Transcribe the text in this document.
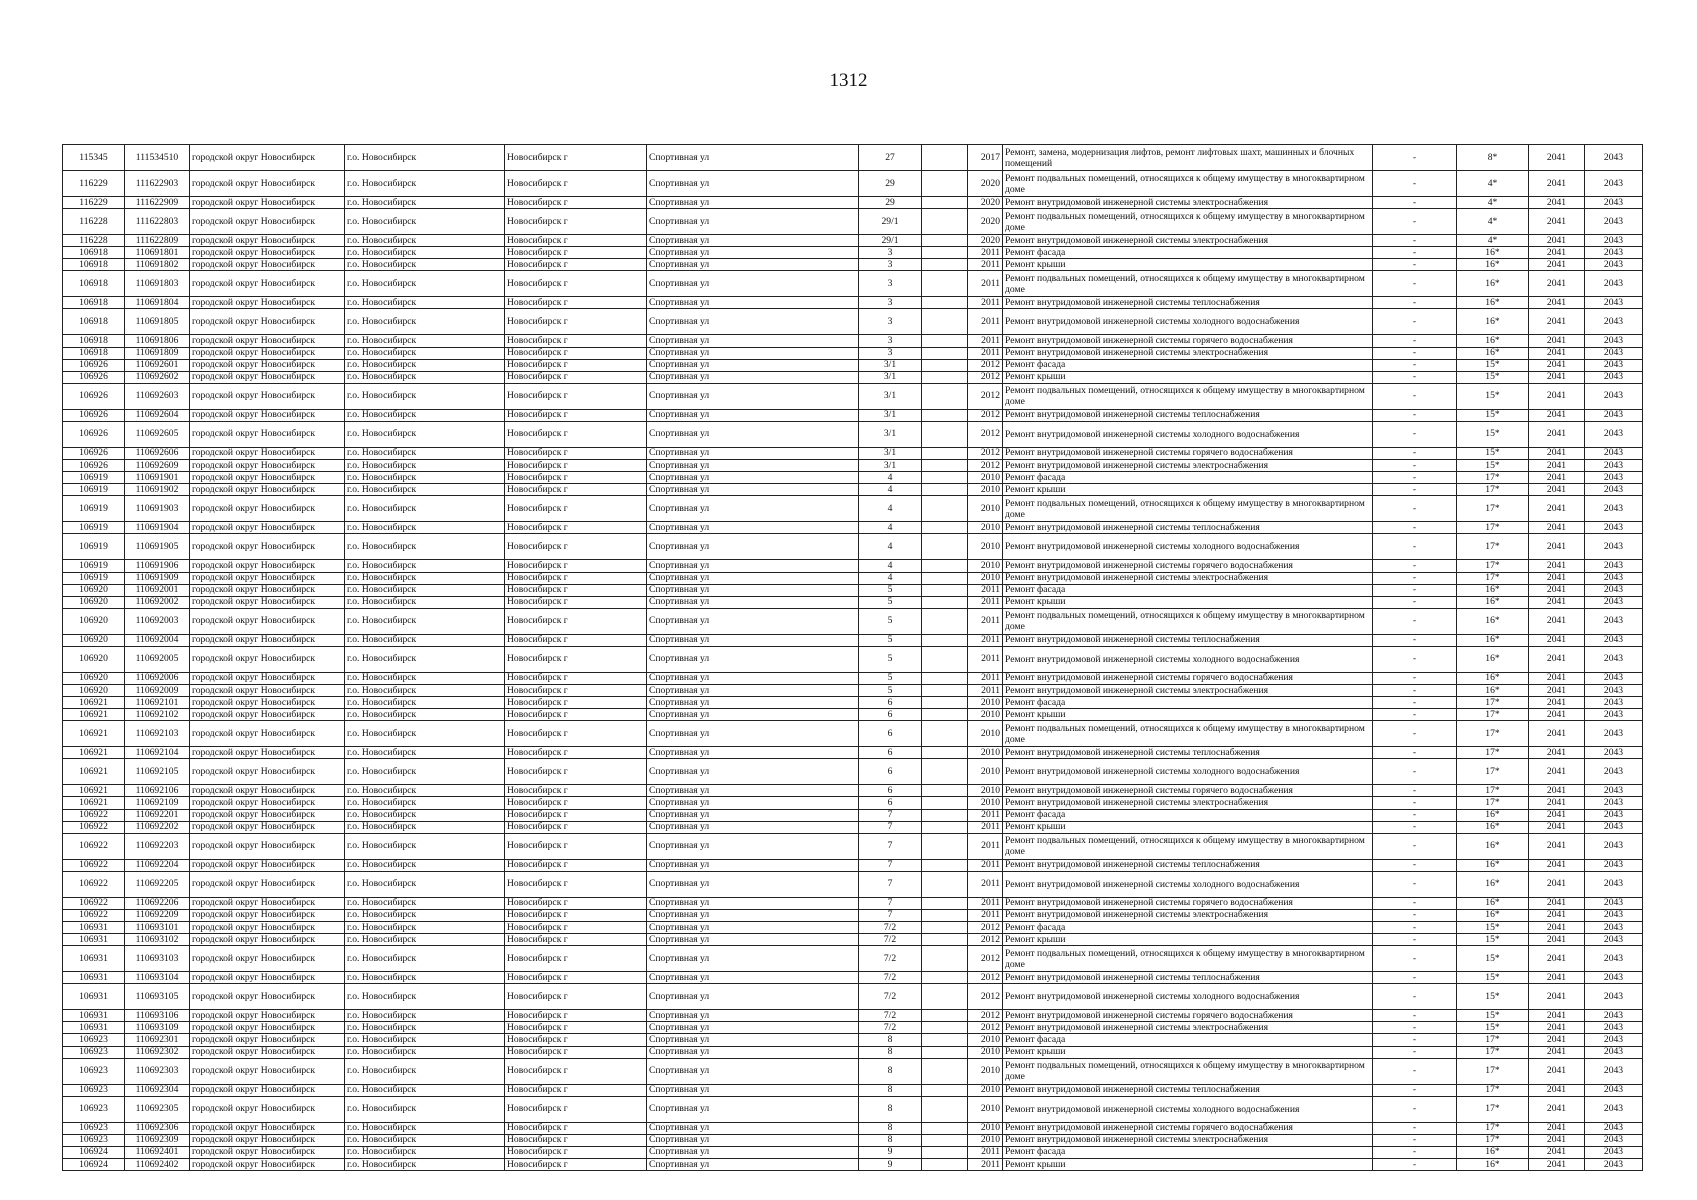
1312
115345	111534510	городской округ Новосибирск	г.о. Новосибирск	Новосибирск г	Спортивная ул	27		2017	Ремонт, замена, модернизация лифтов, ремонт лифтовых шахт, машинных и блочных помещений	-	8*	2041	2043
116229	111622903	городской округ Новосибирск	г.о. Новосибирск	Новосибирск г	Спортивная ул	29		2020	Ремонт подвальных помещений, относящихся к общему имуществу в многоквартирном доме	-	4*	2041	2043
116229	111622909	городской округ Новосибирск	г.о. Новосибирск	Новосибирск г	Спортивная ул	29		2020	Ремонт внутридомовой инженерной системы электроснабжения	-	4*	2041	2043
116228	111622803	городской округ Новосибирск	г.о. Новосибирск	Новосибирск г	Спортивная ул	29/1		2020	Ремонт подвальных помещений, относящихся к общему имуществу в многоквартирном доме	-	4*	2041	2043
116228	111622809	городской округ Новосибирск	г.о. Новосибирск	Новосибирск г	Спортивная ул	29/1		2020	Ремонт внутридомовой инженерной системы электроснабжения	-	4*	2041	2043
106918	110691801	городской округ Новосибирск	г.о. Новосибирск	Новосибирск г	Спортивная ул	3		2011	Ремонт фасада	-	16*	2041	2043
106918	110691802	городской округ Новосибирск	г.о. Новосибирск	Новосибирск г	Спортивная ул	3		2011	Ремонт крыши	-	16*	2041	2043
106918	110691803	городской округ Новосибирск	г.о. Новосибирск	Новосибирск г	Спортивная ул	3		2011	Ремонт подвальных помещений, относящихся к общему имуществу в многоквартирном доме	-	16*	2041	2043
106918	110691804	городской округ Новосибирск	г.о. Новосибирск	Новосибирск г	Спортивная ул	3		2011	Ремонт внутридомовой инженерной системы теплоснабжения	-	16*	2041	2043
106918	110691805	городской округ Новосибирск	г.о. Новосибирск	Новосибирск г	Спортивная ул	3		2011	Ремонт внутридомовой инженерной системы холодного водоснабжения	-	16*	2041	2043
106918	110691806	городской округ Новосибирск	г.о. Новосибирск	Новосибирск г	Спортивная ул	3		2011	Ремонт внутридомовой инженерной системы горячего водоснабжения	-	16*	2041	2043
106918	110691809	городской округ Новосибирск	г.о. Новосибирск	Новосибирск г	Спортивная ул	3		2011	Ремонт внутридомовой инженерной системы электроснабжения	-	16*	2041	2043
106926	110692601	городской округ Новосибирск	г.о. Новосибирск	Новосибирск г	Спортивная ул	3/1		2012	Ремонт фасада	-	15*	2041	2043
106926	110692602	городской округ Новосибирск	г.о. Новосибирск	Новосибирск г	Спортивная ул	3/1		2012	Ремонт крыши	-	15*	2041	2043
106926	110692603	городской округ Новосибирск	г.о. Новосибирск	Новосибирск г	Спортивная ул	3/1		2012	Ремонт подвальных помещений, относящихся к общему имуществу в многоквартирном доме	-	15*	2041	2043
106926	110692604	городской округ Новосибирск	г.о. Новосибирск	Новосибирск г	Спортивная ул	3/1		2012	Ремонт внутридомовой инженерной системы теплоснабжения	-	15*	2041	2043
106926	110692605	городской округ Новосибирск	г.о. Новосибирск	Новосибирск г	Спортивная ул	3/1		2012	Ремонт внутридомовой инженерной системы холодного водоснабжения	-	15*	2041	2043
106926	110692606	городской округ Новосибирск	г.о. Новосибирск	Новосибирск г	Спортивная ул	3/1		2012	Ремонт внутридомовой инженерной системы горячего водоснабжения	-	15*	2041	2043
106926	110692609	городской округ Новосибирск	г.о. Новосибирск	Новосибирск г	Спортивная ул	3/1		2012	Ремонт внутридомовой инженерной системы электроснабжения	-	15*	2041	2043
106919	110691901	городской округ Новосибирск	г.о. Новосибирск	Новосибирск г	Спортивная ул	4		2010	Ремонт фасада	-	17*	2041	2043
106919	110691902	городской округ Новосибирск	г.о. Новосибирск	Новосибирск г	Спортивная ул	4		2010	Ремонт крыши	-	17*	2041	2043
106919	110691903	городской округ Новосибирск	г.о. Новосибирск	Новосибирск г	Спортивная ул	4		2010	Ремонт подвальных помещений, относящихся к общему имуществу в многоквартирном доме	-	17*	2041	2043
106919	110691904	городской округ Новосибирск	г.о. Новосибирск	Новосибирск г	Спортивная ул	4		2010	Ремонт внутридомовой инженерной системы теплоснабжения	-	17*	2041	2043
106919	110691905	городской округ Новосибирск	г.о. Новосибирск	Новосибирск г	Спортивная ул	4		2010	Ремонт внутридомовой инженерной системы холодного водоснабжения	-	17*	2041	2043
106919	110691906	городской округ Новосибирск	г.о. Новосибирск	Новосибирск г	Спортивная ул	4		2010	Ремонт внутридомовой инженерной системы горячего водоснабжения	-	17*	2041	2043
106919	110691909	городской округ Новосибирск	г.о. Новосибирск	Новосибирск г	Спортивная ул	4		2010	Ремонт внутридомовой инженерной системы электроснабжения	-	17*	2041	2043
106920	110692001	городской округ Новосибирск	г.о. Новосибирск	Новосибирск г	Спортивная ул	5		2011	Ремонт фасада	-	16*	2041	2043
106920	110692002	городской округ Новосибирск	г.о. Новосибирск	Новосибирск г	Спортивная ул	5		2011	Ремонт крыши	-	16*	2041	2043
106920	110692003	городской округ Новосибирск	г.о. Новосибирск	Новосибирск г	Спортивная ул	5		2011	Ремонт подвальных помещений, относящихся к общему имуществу в многоквартирном доме	-	16*	2041	2043
106920	110692004	городской округ Новосибирск	г.о. Новосибирск	Новосибирск г	Спортивная ул	5		2011	Ремонт внутридомовой инженерной системы теплоснабжения	-	16*	2041	2043
106920	110692005	городской округ Новосибирск	г.о. Новосибирск	Новосибирск г	Спортивная ул	5		2011	Ремонт внутридомовой инженерной системы холодного водоснабжения	-	16*	2041	2043
106920	110692006	городской округ Новосибирск	г.о. Новосибирск	Новосибирск г	Спортивная ул	5		2011	Ремонт внутридомовой инженерной системы горячего водоснабжения	-	16*	2041	2043
106920	110692009	городской округ Новосибирск	г.о. Новосибирск	Новосибирск г	Спортивная ул	5		2011	Ремонт внутридомовой инженерной системы электроснабжения	-	16*	2041	2043
106921	110692101	городской округ Новосибирск	г.о. Новосибирск	Новосибирск г	Спортивная ул	6		2010	Ремонт фасада	-	17*	2041	2043
106921	110692102	городской округ Новосибирск	г.о. Новосибирск	Новосибирск г	Спортивная ул	6		2010	Ремонт крыши	-	17*	2041	2043
106921	110692103	городской округ Новосибирск	г.о. Новосибирск	Новосибирск г	Спортивная ул	6		2010	Ремонт подвальных помещений, относящихся к общему имуществу в многоквартирном доме	-	17*	2041	2043
106921	110692104	городской округ Новосибирск	г.о. Новосибирск	Новосибирск г	Спортивная ул	6		2010	Ремонт внутридомовой инженерной системы теплоснабжения	-	17*	2041	2043
106921	110692105	городской округ Новосибирск	г.о. Новосибирск	Новосибирск г	Спортивная ул	6		2010	Ремонт внутридомовой инженерной системы холодного водоснабжения	-	17*	2041	2043
106921	110692106	городской округ Новосибирск	г.о. Новосибирск	Новосибирск г	Спортивная ул	6		2010	Ремонт внутридомовой инженерной системы горячего водоснабжения	-	17*	2041	2043
106921	110692109	городской округ Новосибирск	г.о. Новосибирск	Новосибирск г	Спортивная ул	6		2010	Ремонт внутридомовой инженерной системы электроснабжения	-	17*	2041	2043
106922	110692201	городской округ Новосибирск	г.о. Новосибирск	Новосибирск г	Спортивная ул	7		2011	Ремонт фасада	-	16*	2041	2043
106922	110692202	городской округ Новосибирск	г.о. Новосибирск	Новосибирск г	Спортивная ул	7		2011	Ремонт крыши	-	16*	2041	2043
106922	110692203	городской округ Новосибирск	г.о. Новосибирск	Новосибирск г	Спортивная ул	7		2011	Ремонт подвальных помещений, относящихся к общему имуществу в многоквартирном доме	-	16*	2041	2043
106922	110692204	городской округ Новосибирск	г.о. Новосибирск	Новосибирск г	Спортивная ул	7		2011	Ремонт внутридомовой инженерной системы теплоснабжения	-	16*	2041	2043
106922	110692205	городской округ Новосибирск	г.о. Новосибирск	Новосибирск г	Спортивная ул	7		2011	Ремонт внутридомовой инженерной системы холодного водоснабжения	-	16*	2041	2043
106922	110692206	городской округ Новосибирск	г.о. Новосибирск	Новосибирск г	Спортивная ул	7		2011	Ремонт внутридомовой инженерной системы горячего водоснабжения	-	16*	2041	2043
106922	110692209	городской округ Новосибирск	г.о. Новосибирск	Новосибирск г	Спортивная ул	7		2011	Ремонт внутридомовой инженерной системы электроснабжения	-	16*	2041	2043
106931	110693101	городской округ Новосибирск	г.о. Новосибирск	Новосибирск г	Спортивная ул	7/2		2012	Ремонт фасада	-	15*	2041	2043
106931	110693102	городской округ Новосибирск	г.о. Новосибирск	Новосибирск г	Спортивная ул	7/2		2012	Ремонт крыши	-	15*	2041	2043
106931	110693103	городской округ Новосибирск	г.о. Новосибирск	Новосибирск г	Спортивная ул	7/2		2012	Ремонт подвальных помещений, относящихся к общему имуществу в многоквартирном доме	-	15*	2041	2043
106931	110693104	городской округ Новосибирск	г.о. Новосибирск	Новосибирск г	Спортивная ул	7/2		2012	Ремонт внутридомовой инженерной системы теплоснабжения	-	15*	2041	2043
106931	110693105	городской округ Новосибирск	г.о. Новосибирск	Новосибирск г	Спортивная ул	7/2		2012	Ремонт внутридомовой инженерной системы холодного водоснабжения	-	15*	2041	2043
106931	110693106	городской округ Новосибирск	г.о. Новосибирск	Новосибирск г	Спортивная ул	7/2		2012	Ремонт внутридомовой инженерной системы горячего водоснабжения	-	15*	2041	2043
106931	110693109	городской округ Новосибирск	г.о. Новосибирск	Новосибирск г	Спортивная ул	7/2		2012	Ремонт внутридомовой инженерной системы электроснабжения	-	15*	2041	2043
106923	110692301	городской округ Новосибирск	г.о. Новосибирск	Новосибирск г	Спортивная ул	8		2010	Ремонт фасада	-	17*	2041	2043
106923	110692302	городской округ Новосибирск	г.о. Новосибирск	Новосибирск г	Спортивная ул	8		2010	Ремонт крыши	-	17*	2041	2043
106923	110692303	городской округ Новосибирск	г.о. Новосибирск	Новосибирск г	Спортивная ул	8		2010	Ремонт подвальных помещений, относящихся к общему имуществу в многоквартирном доме	-	17*	2041	2043
106923	110692304	городской округ Новосибирск	г.о. Новосибирск	Новосибирск г	Спортивная ул	8		2010	Ремонт внутридомовой инженерной системы теплоснабжения	-	17*	2041	2043
106923	110692305	городской округ Новосибирск	г.о. Новосибирск	Новосибирск г	Спортивная ул	8		2010	Ремонт внутридомовой инженерной системы холодного водоснабжения	-	17*	2041	2043
106923	110692306	городской округ Новосибирск	г.о. Новосибирск	Новосибирск г	Спортивная ул	8		2010	Ремонт внутридомовой инженерной системы горячего водоснабжения	-	17*	2041	2043
106923	110692309	городской округ Новосибирск	г.о. Новосибирск	Новосибирск г	Спортивная ул	8		2010	Ремонт внутридомовой инженерной системы электроснабжения	-	17*	2041	2043
106924	110692401	городской округ Новосибирск	г.о. Новосибирск	Новосибирск г	Спортивная ул	9		2011	Ремонт фасада	-	16*	2041	2043
106924	110692402	городской округ Новосибирск	г.о. Новосибирск	Новосибирск г	Спортивная ул	9		2011	Ремонт крыши	-	16*	2041	2043
